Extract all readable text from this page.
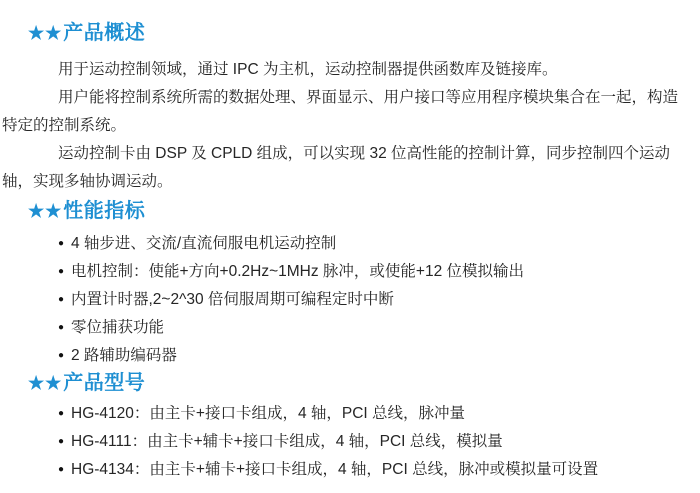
★★产品概述

用于运动控制领域，通过 IPC 为主机，运动控制器提供函数库及链接库。

用户能将控制系统所需的数据处理、界面显示、用户接口等应用程序模块集合在一起，构造特定的控制系统。

运动控制卡由 DSP 及 CPLD 组成，可以实现 32 位高性能的控制计算，同步控制四个运动轴，实现多轴协调运动。

★★性能指标
● 4 轴步进、交流/直流伺服电机运动控制
● 电机控制：使能+方向+0.2Hz~1MHz 脉冲，或使能+12 位模拟输出
● 内置计时器,2~2^30 倍伺服周期可编程定时中断
● 零位捕获功能
● 2 路辅助编码器
★★产品型号
● HG-4120：由主卡+接口卡组成，4 轴，PCI 总线，脉冲量
● HG-4111：由主卡+辅卡+接口卡组成，4 轴，PCI 总线，模拟量
● HG-4134：由主卡+辅卡+接口卡组成，4 轴，PCI 总线，脉冲或模拟量可设置
